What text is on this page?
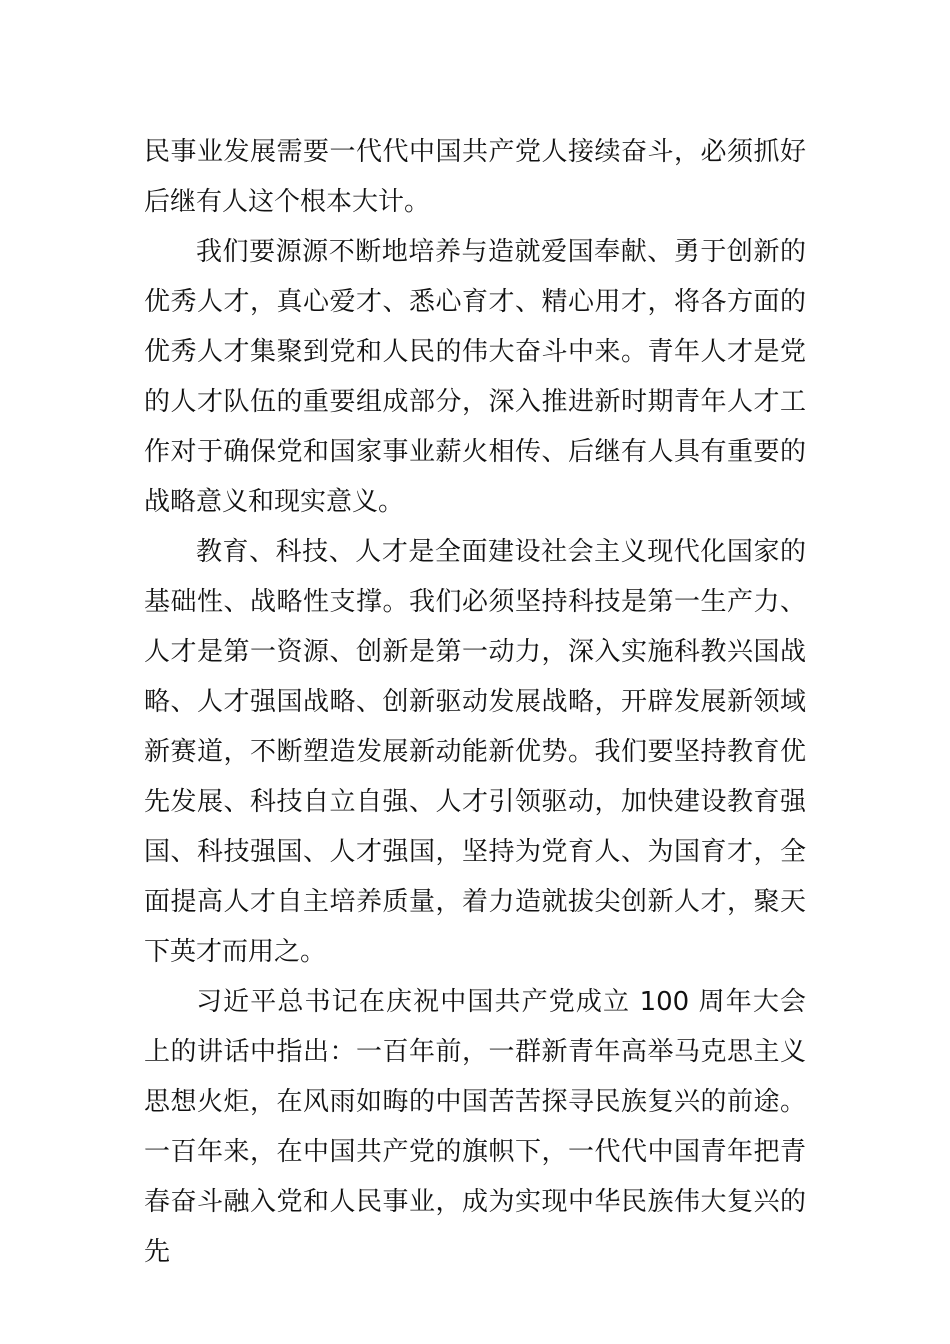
民事业发展需要一代代中国共产党人接续奋斗，必须抓好后继有人这个根本大计。

我们要源源不断地培养与造就爱国奉献、勇于创新的优秀人才，真心爱才、悉心育才、精心用才，将各方面的优秀人才集聚到党和人民的伟大奋斗中来。青年人才是党的人才队伍的重要组成部分，深入推进新时期青年人才工作对于确保党和国家事业薪火相传、后继有人具有重要的战略意义和现实意义。

教育、科技、人才是全面建设社会主义现代化国家的基础性、战略性支撑。我们必须坚持科技是第一生产力、人才是第一资源、创新是第一动力，深入实施科教兴国战略、人才强国战略、创新驱动发展战略，开辟发展新领域新赛道，不断塑造发展新动能新优势。我们要坚持教育优先发展、科技自立自强、人才引领驱动，加快建设教育强国、科技强国、人才强国，坚持为党育人、为国育才，全面提高人才自主培养质量，着力造就拔尖创新人才，聚天下英才而用之。

习近平总书记在庆祝中国共产党成立 100 周年大会上的讲话中指出：一百年前，一群新青年高举马克思主义思想火炬，在风雨如晦的中国苦苦探寻民族复兴的前途。一百年来，在中国共产党的旗帜下，一代代中国青年把青春奋斗融入党和人民事业，成为实现中华民族伟大复兴的先
